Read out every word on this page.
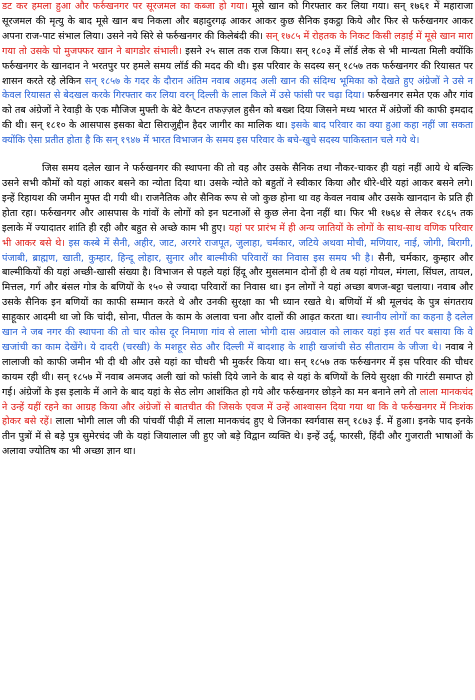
डट कर हमला हुआ और फर्रुखनगर पर सूरजमल का कब्जा हो गया। मूसे खान को गिरफ्तार कर लिया गया। सन् १७६१ में महाराजा सूरजमल की मृत्यु के बाद मूसे खान बच निकला और बहादुरगढ़ आकर आकर कुछ सैनिक इकट्ठा किये और फिर से फर्रुखनगर आकर अपना राज-पाट संभाल लिया। उसने नये सिरे से फर्रुखनगर की किलेबंदी की। सन् १७८५ में रोहतक के निकट किसी लड़ाई में मूसे खान मारा गया तो उसके पो मुजफ्फर खान ने बागडोर संभाली। इसने २५ साल तक राज किया। सन् १८०३ में लॉर्ड लेक से भी मान्यता मिली क्योंकि फर्रुखनगर के खानदान ने भरतपुर पर हमले समय लॉर्ड की मदद की थी। इस परिवार के सदस्य सन् १८५७ तक फर्रुखनगर की रियासत पर शासन करते रहे लेकिन सन् १८५७ के गदर के दौरान अंतिम नवाब अहमद अली खान की संदिग्ध भूमिका को देखते हुए अंग्रेजों ने उसे न केवल रियासत से बेदखल करके गिरफ्तार कर लिया वरन् दिल्ली के लाल किले में उसे फांसी पर चढ़ा दिया। फर्रुखनगर समेत एक और गांव को तब अंग्रेजों ने रेवाड़ी के एक मौजिज मुफ्ती के बेटे कैप्टन तफज़्ज़ल हुसैन को बख्श दिया जिसने मध्य भारत में अंग्रेजों की काफी इमदाद की थी। सन् १८१० के आसपास इसका बेटा सिराजुद्दीन हैदर जागीर का मालिक था। इसके बाद परिवार का क्या हुआ कहा नहीं जा सकता क्योंकि ऐसा प्रतीत होता है कि सन् १९४७ में भारत विभाजन के समय इस परिवार के बचे-खुचे सदस्य पाकिस्तान चले गये थे।

जिस समय दलेल खान ने फर्रुखनगर की स्थापना की तो वह और उसके सैनिक तथा नौकर-चाकर ही यहां नहीं आये थे बल्कि उसने सभी कौमों को यहां आकर बसने का न्योता दिया था। उसके न्योते को बहुतों ने स्वीकार किया और धीरे-धीरे यहां आकर बसने लगे। इन्हें रिहायश की जमीन मुफ्त दी गयी थी। राजनैतिक और सैनिक रूप से जो कुछ होना था वह केवल नवाब और उसके खानदान के प्रति ही होता रहा। फर्रुखनगर और आसपास के गांवों के लोगों को इन घटनाओं से कुछ लेना देना नहीं था। फिर भी १७६४ से लेकर १८६५ तक इलाके में ज्यादातर शांति ही रही और बहुत से अच्छे काम भी हुए। यहां पर प्रारंभ में ही अन्य जातियों के लोगों के साथ-साथ वणिक परिवार भी आकर बसे थे। इस कस्बे में सैनी, अहीर, जाट, अरगरे राजपूत, जुलाहा, चर्मकार, जटिये अथवा मोची, मणियार, नाई, जोगी, बिरागी, पंजाबी, ब्राह्मण, खाती, कुम्हार, हिन्दू लोहार, सुनार और बाल्मीकी परिवारों का निवास इस समय भी है। सैनी, चर्मकार, कुम्हार और बाल्मीकियों की यहां अच्छी-खासी संख्या है। विभाजन से पहले यहां हिंदू और मुसलमान दोनों ही थे तब यहां गोयल, मंगला, सिंघल, तायल, मित्तल, गर्ग और बंसल गोत्र के बणियों के १५० से ज्यादा परिवारों का निवास था। इन लोगों ने यहां अच्छा बणज-बट्टा चलाया। नवाब और उसके सैनिक इन बणियों का काफी सम्मान करते थे और उनकी सुरक्षा का भी ध्यान रखते थे। बणियों में श्री मूलचंद के पुत्र संगतराय साहूकार आदमी था जो कि चांदी, सोना, पीतल के काम के अलावा चना और दालों की आढ़त करता था। स्थानीय लोगों का कहना है दलेल खान ने जब नगर की स्थापना की तो चार कोस दूर निमाणा गांव से लाला भोगी दास अग्रवाल को लाकर यहां इस शर्त पर बसाया कि वे खजांची का काम देखेंगे। ये दादरी (चरखी) के मशहूर सेठ और दिल्ली में बादशाह के शाही खजांची सेठ सीताराम के जीजा थे। नवाब ने लालाजी को काफी जमीन भी दी थी और उसे यहां का चौधरी भी मुकर्रर किया था। सन् १८५७ तक फर्रुखनगर में इस परिवार की चौधर कायम रही थी। सन् १८५७ में नवाब अमजद अली खां को फांसी दिये जाने के बाद से यहां के बणियों के लिये सुरक्षा की गारंटी समाप्त हो गई। अंग्रेजों के इस इलाके में आने के बाद यहां के सेठ लोग आशंकित हो गये और फर्रुखनगर छोड़ने का मन बनाने लगे तो लाला मानकचंद ने उन्हें यहीं रहने का आग्रह किया और अंग्रेजों से बातचीत की जिसके एवज में उन्हें आश्वासन दिया गया था कि वे फर्रुखनगर में निःशंक होकर बसे रहें। लाला भोगी लाल जी की पांचवीं पीढ़ी में लाला मानकचंद हुए थे जिनका स्वर्गवास सन् १८७३ ई. में हुआ। इनके पाद इनके तीन पुत्रों में से बड़े पुत्र सुमेरचंद जी के यहां जियालाल जी हुए जो बड़े विद्वान व्यक्ति थे। इन्हें उर्दू, फारसी, हिंदी और गुजराती भाषाओं के अलावा ज्योतिष का भी अच्छा ज्ञान था।
